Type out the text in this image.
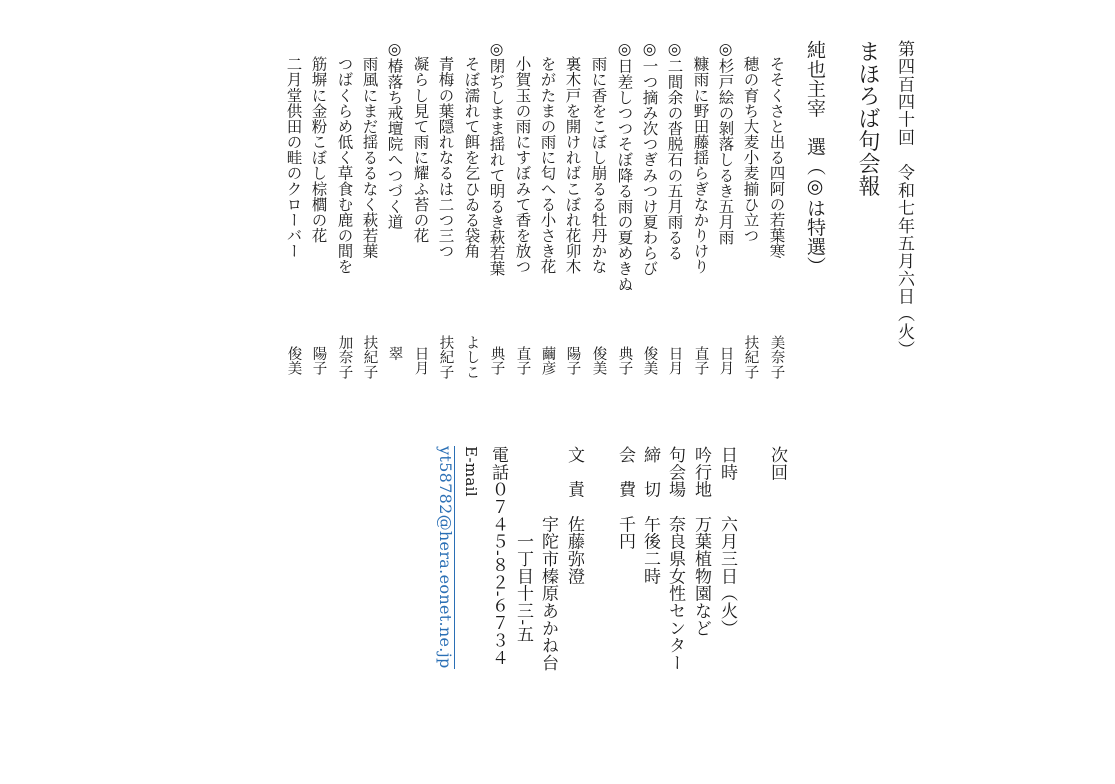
第四百四十回　令和七年五月六日（火）
まほろば句会報
純也主宰　選（◎は特選）
そそくさと出る四阿の若葉寒
穂の育ち大麦小麦揃ひ立つ
◎杉戸絵の剝落しるき五月雨
糠雨に野田藤揺らぎなかりけり
◎二間余の沓脱石の五月雨るる
◎一つ摘み次つぎみつけ夏わらび
◎日差しつつそぼ降る雨の夏めきぬ
雨に香をこぼし崩るる牡丹かな
裏木戸を開ければこぼれ花卯木
をがたまの雨に匂へる小さき花
小賀玉の雨にすぼみて香を放つ
◎閉ぢしまま揺れて明るき萩若葉
そぼ濡れて餌を乞ひゐる袋角
青梅の葉隠れなるは二つ三つ
凝らし見て雨に耀ふ苔の花
◎椿落ち戒壇院へつづく道
雨風にまだ揺るるなく萩若葉
つばくらめ低く草食む鹿の間を
筋塀に金粉こぼし棕櫚の花
二月堂供田の畦のクローバー
美奈子
扶紀子
日月
直子
日月
俊美
典子
俊美
陽子
繭彦
直子
典子
よしこ
扶紀子
日月
翠
扶紀子
加奈子
陽子
俊美
次回
日時　　六月三日（火）
吟行地　万葉植物園など
句会場　奈良県女性センター
締　切　午後二時
会　費　千円
文　責　佐藤弥澄
　　　　宇陀市榛原あかね台
　　　　　一丁目十三-五
電話０７４５-８２-６７３４
E-mail
yt58782@hera.eonet.ne.jp
